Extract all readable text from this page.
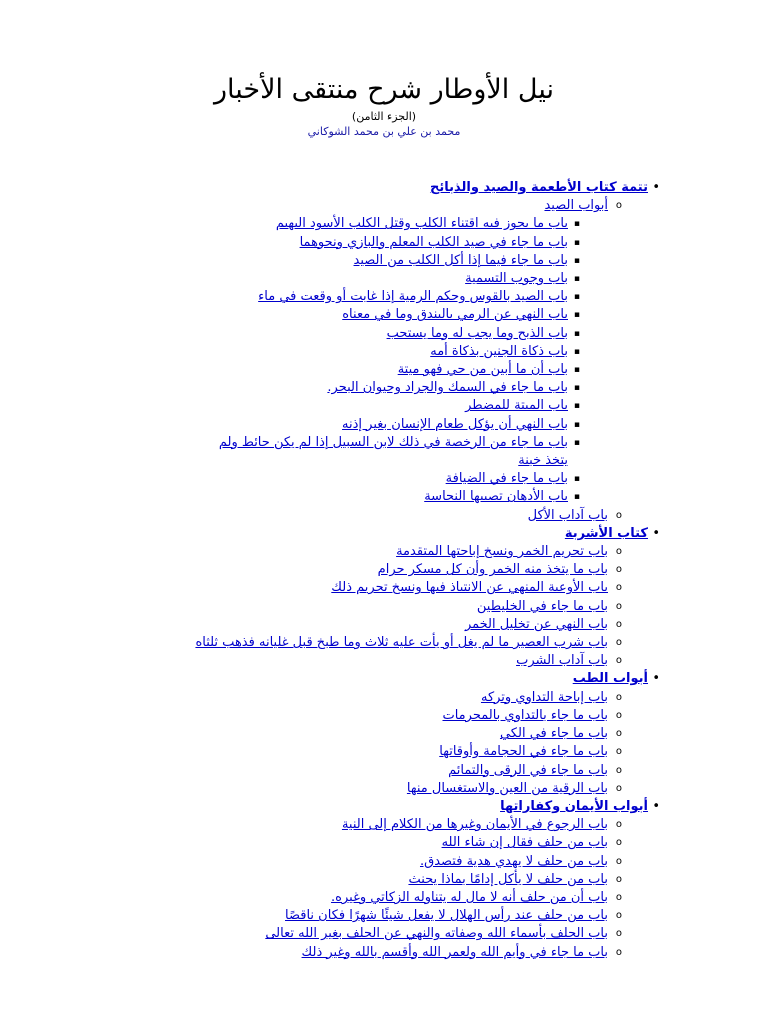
نيل الأوطار شرح منتقى الأخبار
(الجزء الثامن)
محمد بن علي بن محمد الشوكاني
•
تتمة كتاب الأطعمة والصيد والذبائح
o
أبواب الصيد
▪
باب ما يجوز فيه اقتناء الكلب وقتل الكلب الأسود البهيم
▪
باب ما جاء في صيد الكلب المعلم والبازي ونحوهما
▪
باب ما جاء فيما إذا أكل الكلب من الصيد
▪
باب وجوب التسمية
▪
باب الصيد بالقوس وحكم الرمية إذا غابت أو وقعت في ماء
▪
باب النهي عن الرمي بالبندق وما في معناه
▪
باب الذبح وما يجب له وما يستحب
▪
باب ذكاة الجنين بذكاة أمه
▪
باب أن ما أبين من حي فهو ميتة
▪
باب ما جاء في السمك والجراد وحيوان البحر.
▪
باب الميتة للمضطر
▪
باب النهي أن يؤكل طعام الإنسان بغير إذنه
▪
باب ما جاء من الرخصة في ذلك لابن السبيل إذا لم يكن حائط ولم يتخذ خبنة
▪
باب ما جاء في الضيافة
▪
باب الأدهان تصيبها النجاسة
o
باب آداب الأكل
•
كتاب الأشربة
o
باب تحريم الخمر ونسخ إباحتها المتقدمة
o
باب ما يتخذ منه الخمر وأن كل مسكر حرام
o
باب الأوعية المنهي عن الانتباذ فيها ونسخ تحريم ذلك
o
باب ما جاء في الخليطين
o
باب النهي عن تخليل الخمر
o
باب شرب العصير ما لم يغل أو يأت عليه ثلاث وما طبخ قبل غليانه فذهب ثلثاه
o
باب آداب الشرب
•
أبواب الطب
o
باب إباحة التداوي وتركه
o
باب ما جاء بالتداوي بالمحرمات
o
باب ما جاء في الكي
o
باب ما جاء في الحجامة وأوقاتها
o
باب ما جاء في الرقى والتمائم
o
باب الرقية من العين والاستغسال منها
•
أبواب الأيمان وكفاراتها
o
باب الرجوع في الأيمان وغيرها من الكلام إلى النية
o
باب من حلف فقال إن شاء الله
o
باب من حلف لا يهدي هدية فتصدق.
o
باب من حلف لا يأكل إدامًا بماذا يحنث
o
باب أن من حلف أنه لا مال له يتناوله الزكاتي وغيره.
o
باب من حلف عند رأس الهلال لا يفعل شيئًا شهرًا فكان ناقصًا
o
باب الحلف بأسماء الله وصفاته والنهي عن الحلف بغير الله تعالى
o
باب ما جاء في وأيم الله ولعمر الله وأقسم بالله وغير ذلك
